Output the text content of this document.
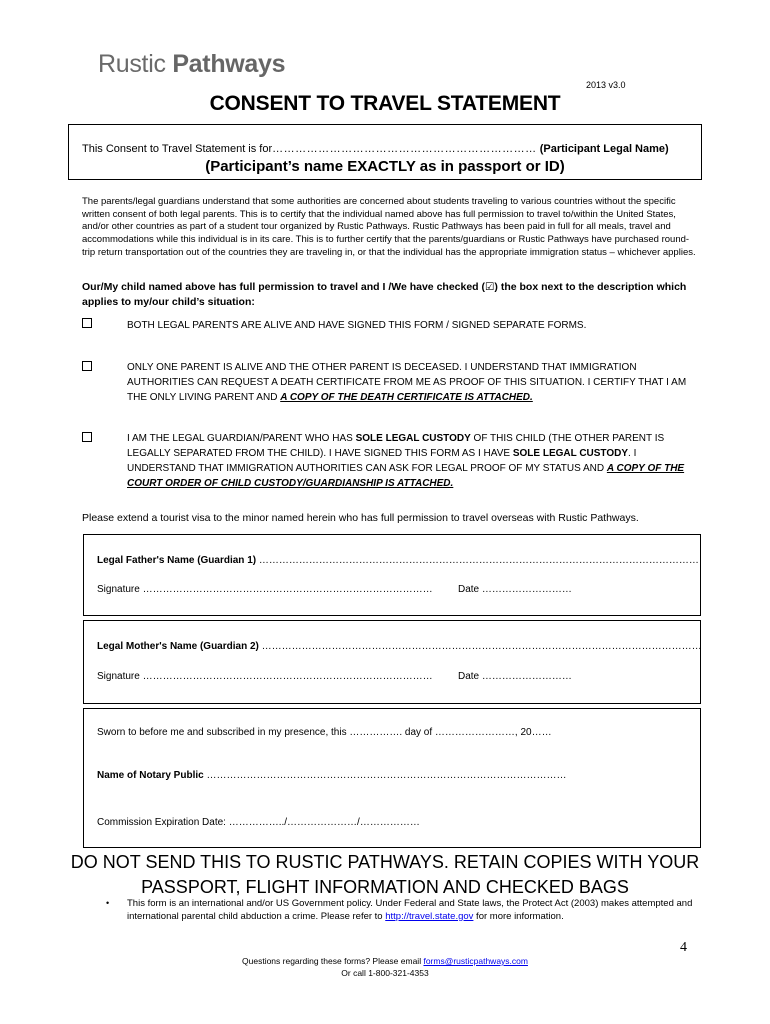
Rustic Pathways
2013 v3.0
CONSENT TO TRAVEL STATEMENT
This Consent to Travel Statement is for…………………………………………………………… (Participant Legal Name)
(Participant’s name EXACTLY as in passport or ID)
The parents/legal guardians understand that some authorities are concerned about students traveling to various countries without the specific written consent of both legal parents. This is to certify that the individual named above has full permission to travel to/within the United States, and/or other countries as part of a student tour organized by Rustic Pathways. Rustic Pathways has been paid in full for all meals, travel and accommodations while this individual is in its care. This is to further certify that the parents/guardians or Rustic Pathways have purchased round-trip return transportation out of the countries they are traveling in, or that the individual has the appropriate immigration status – whichever applies.
Our/My child named above has full permission to travel and I /We have checked (☑) the box next to the description which applies to my/our child’s situation:
BOTH LEGAL PARENTS ARE ALIVE AND HAVE SIGNED THIS FORM / SIGNED SEPARATE FORMS.
ONLY ONE PARENT IS ALIVE AND THE OTHER PARENT IS DECEASED. I UNDERSTAND THAT IMMIGRATION AUTHORITIES CAN REQUEST A DEATH CERTIFICATE FROM ME AS PROOF OF THIS SITUATION. I CERTIFY THAT I AM THE ONLY LIVING PARENT AND A COPY OF THE DEATH CERTIFICATE IS ATTACHED.
I AM THE LEGAL GUARDIAN/PARENT WHO HAS SOLE LEGAL CUSTODY OF THIS CHILD (THE OTHER PARENT IS LEGALLY SEPARATED FROM THE CHILD). I HAVE SIGNED THIS FORM AS I HAVE SOLE LEGAL CUSTODY. I UNDERSTAND THAT IMMIGRATION AUTHORITIES CAN ASK FOR LEGAL PROOF OF MY STATUS AND A COPY OF THE COURT ORDER OF CHILD CUSTODY/GUARDIANSHIP IS ATTACHED.
Please extend a tourist visa to the minor named herein who has full permission to travel overseas with Rustic Pathways.
Legal Father's Name (Guardian 1) ……………………………………………………………………………………………………………………
Signature ……………………………………………………………………………	Date ………………………
Legal Mother's Name (Guardian 2) ……………………………………………………………………………………………………………………
Signature ……………………………………………………………………………	Date ………………………
Sworn to before me and subscribed in my presence, this ……………. day of ……………………, 20……
Name of Notary Public ………………………………………………………………………………………………
Commission Expiration Date: ……………../…………………/………………
DO NOT SEND THIS TO RUSTIC PATHWAYS. RETAIN COPIES WITH YOUR
PASSPORT, FLIGHT INFORMATION AND CHECKED BAGS
• This form is an international and/or US Government policy. Under Federal and State laws, the Protect Act (2003) makes attempted and international parental child abduction a crime. Please refer to http://travel.state.gov for more information.
4
Questions regarding these forms? Please email forms@rusticpathways.com
Or call 1-800-321-4353
